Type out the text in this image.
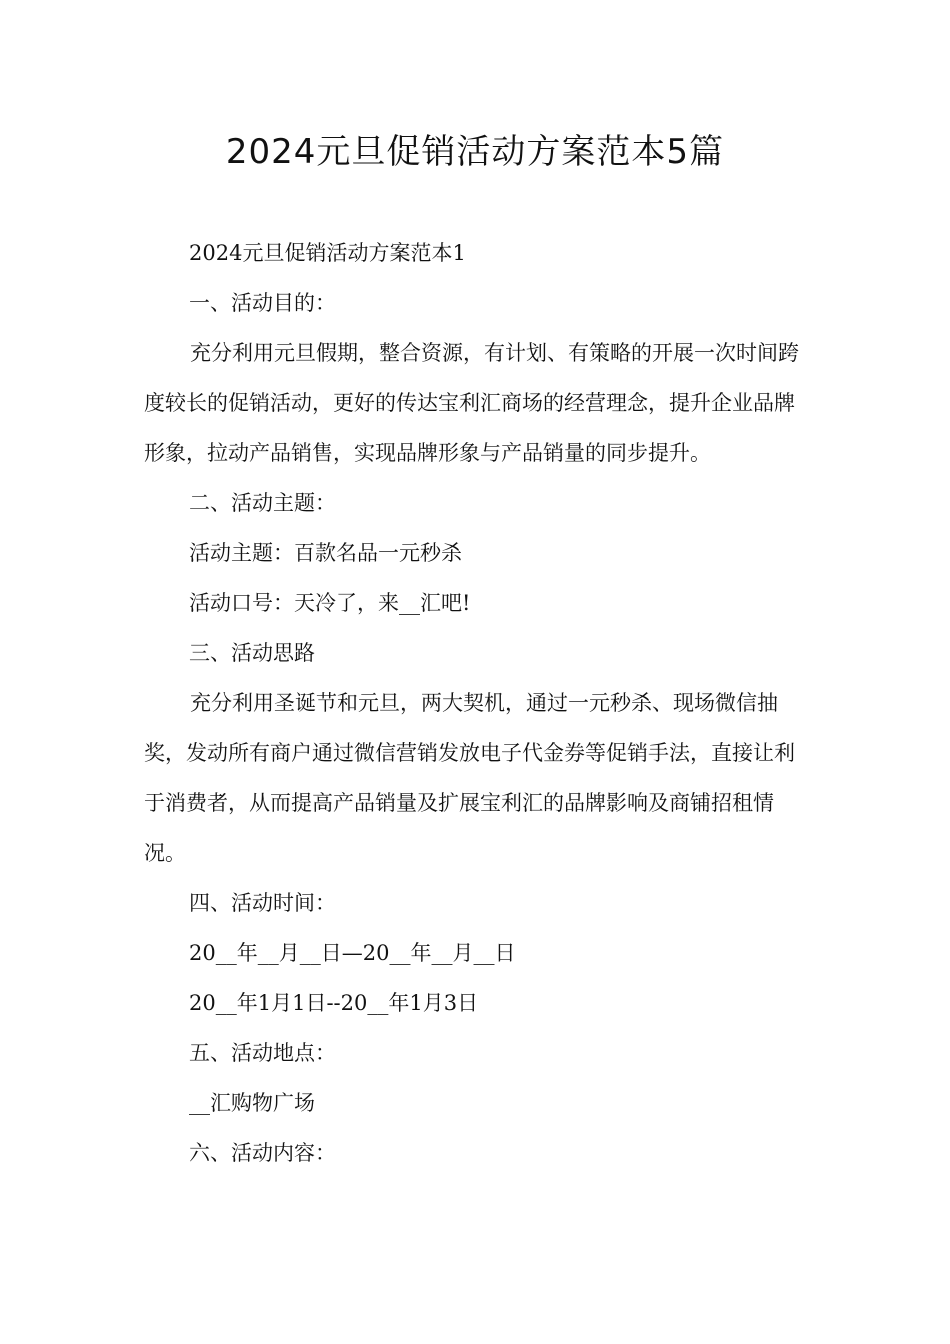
2024元旦促销活动方案范本5篇

2024元旦促销活动方案范本1

一、活动目的：

充分利用元旦假期，整合资源，有计划、有策略的开展一次时间跨度较长的促销活动，更好的传达宝利汇商场的经营理念，提升企业品牌形象，拉动产品销售，实现品牌形象与产品销量的同步提升。

二、活动主题：

活动主题：百款名品一元秒杀

活动口号：天冷了，来__汇吧!

三、活动思路

充分利用圣诞节和元旦，两大契机，通过一元秒杀、现场微信抽奖，发动所有商户通过微信营销发放电子代金券等促销手法，直接让利于消费者，从而提高产品销量及扩展宝利汇的品牌影响及商铺招租情况。

四、活动时间：

20__年__月__日—20__年__月__日

20__年1月1日--20__年1月3日

五、活动地点：

__汇购物广场

六、活动内容：
